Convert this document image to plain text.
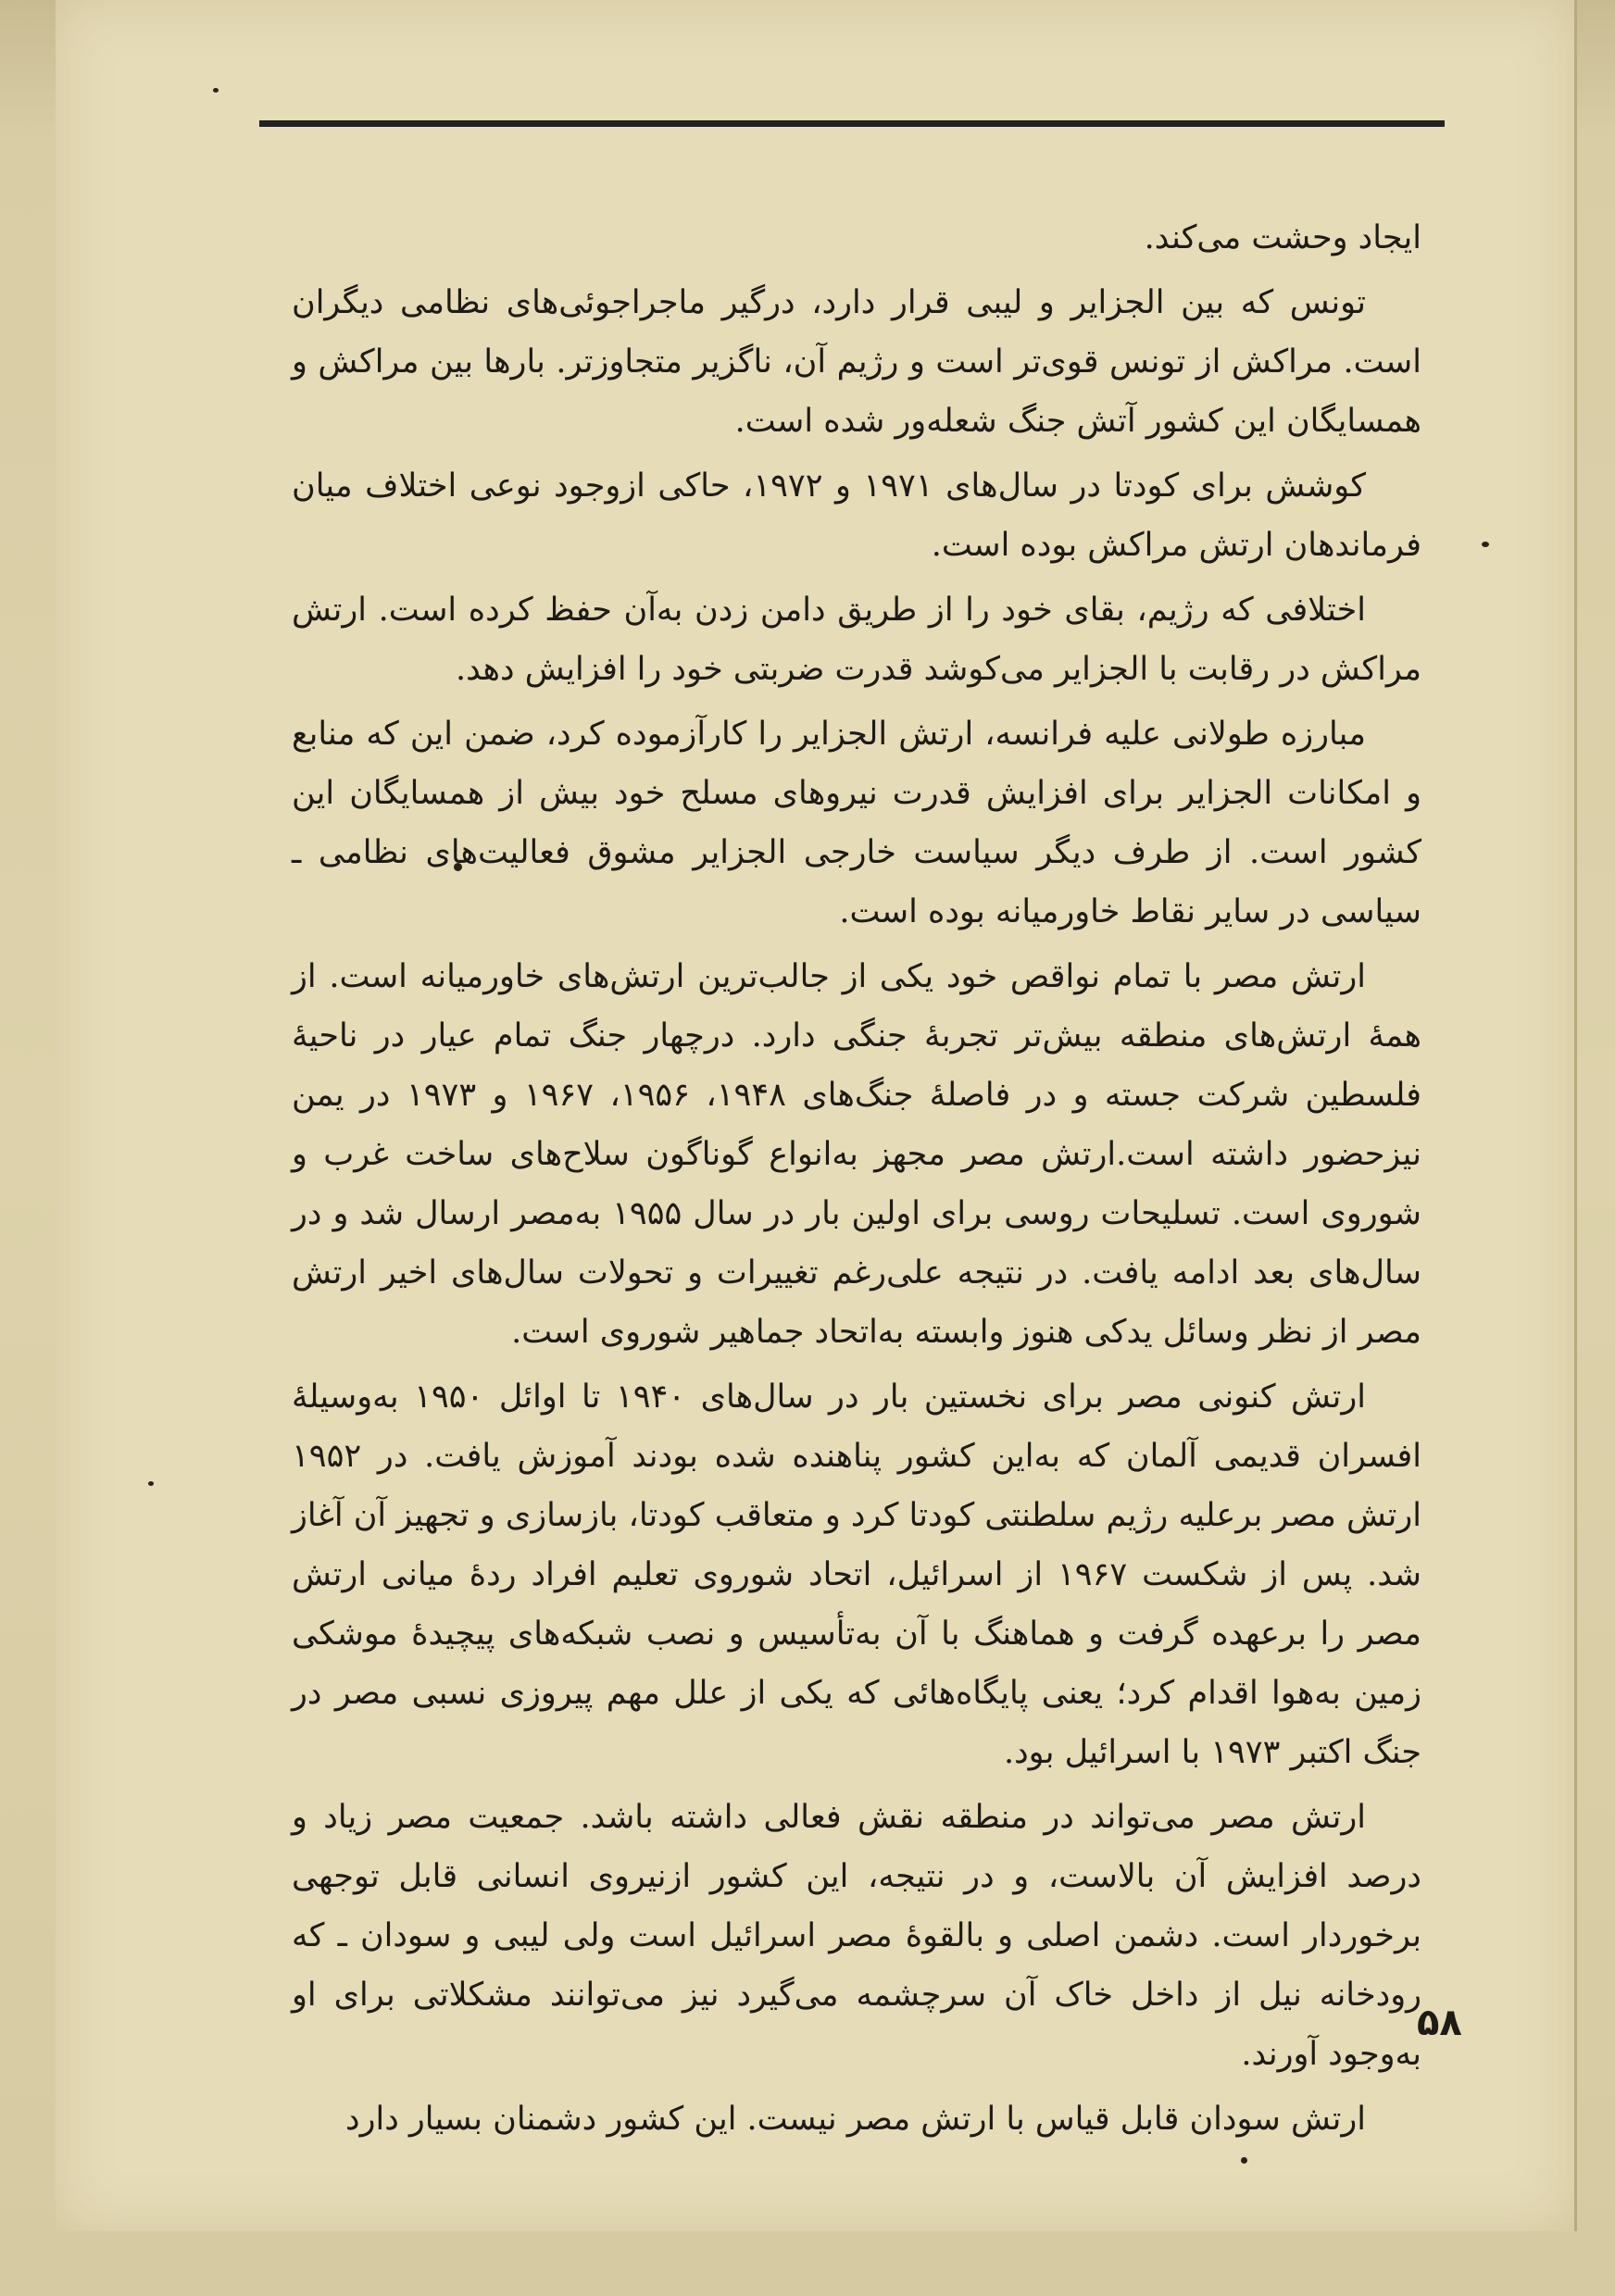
ایجاد وحشت می‌کند.

تونس که بین الجزایر و لیبی قرار دارد، درگیر ماجراجوئی‌های نظامی دیگران است. مراکش از تونس قوی‌تر است و رژیم آن، ناگزیر متجاوزتر. بارها بین مراکش و همسایگان این کشور آتش جنگ شعله‌ور شده است.

کوشش برای کودتا در سال‌های ۱۹۷۱ و ۱۹۷۲، حاکی ازوجود نوعی اختلاف میان فرماندهان ارتش مراکش بوده است.

اختلافی که رژیم، بقای خود را از طریق دامن زدن به‌آن حفظ کرده است. ارتش مراکش در رقابت با الجزایر می‌کوشد قدرت ضربتی خود را افزایش دهد.

مبارزه طولانی علیه فرانسه، ارتش الجزایر را کارآزموده کرد، ضمن این که منابع و امکانات الجزایر برای افزایش قدرت نیروهای مسلح خود بیش از همسایگان این کشور است. از طرف دیگر سیاست خارجی الجزایر مشوق فعالیت‌های نظامی ـ سیاسی در سایر نقاط خاورمیانه بوده است.

ارتش مصر با تمام نواقص خود یکی از جالب‌ترین ارتش‌های خاورمیانه است. از همهٔ ارتش‌های منطقه بیش‌تر تجربهٔ جنگی دارد. درچهار جنگ تمام عیار در ناحیهٔ فلسطین شرکت جسته و در فاصلهٔ جنگ‌های ۱۹۴۸، ۱۹۵۶، ۱۹۶۷ و ۱۹۷۳ در یمن نیزحضور داشته است.ارتش مصر مجهز به‌انواع گوناگون سلاح‌های ساخت غرب و شوروی است. تسلیحات روسی برای اولین بار در سال ۱۹۵۵ به‌مصر ارسال شد و در سال‌های بعد ادامه یافت. در نتیجه علی‌رغم تغییرات و تحولات سال‌های اخیر ارتش مصر از نظر وسائل یدکی هنوز وابسته به‌اتحاد جماهیر شوروی است.

ارتش کنونی مصر برای نخستین بار در سال‌های ۱۹۴۰ تا اوائل ۱۹۵۰ به‌وسیلهٔ افسران قدیمی آلمان که به‌این کشور پناهنده شده بودند آموزش یافت. در ۱۹۵۲ ارتش مصر برعلیه رژیم سلطنتی کودتا کرد و متعاقب کودتا، بازسازی و تجهیز آن آغاز شد. پس از شکست ۱۹۶۷ از اسرائیل، اتحاد شوروی تعلیم افراد ردهٔ میانی ارتش مصر را برعهده گرفت و هماهنگ با آن به‌تأسیس و نصب شبکه‌های پیچیدهٔ موشکی زمین به‌هوا اقدام کرد؛ یعنی پایگاه‌هائی که یکی از علل مهم پیروزی نسبی مصر در جنگ اکتبر ۱۹۷۳ با اسرائیل بود.

ارتش مصر می‌تواند در منطقه نقش فعالی داشته باشد. جمعیت مصر زیاد و درصد افزایش آن بالاست، و در نتیجه، این کشور ازنیروی انسانی قابل توجهی برخوردار است. دشمن اصلی و بالقوهٔ مصر اسرائیل است ولی لیبی و سودان ـ که رودخانه نیل از داخل خاک آن سرچشمه می‌گیرد نیز می‌توانند مشکلاتی برای او به‌وجود آورند.

ارتش سودان قابل قیاس با ارتش مصر نیست. این کشور دشمنان بسیار دارد

۵۸
